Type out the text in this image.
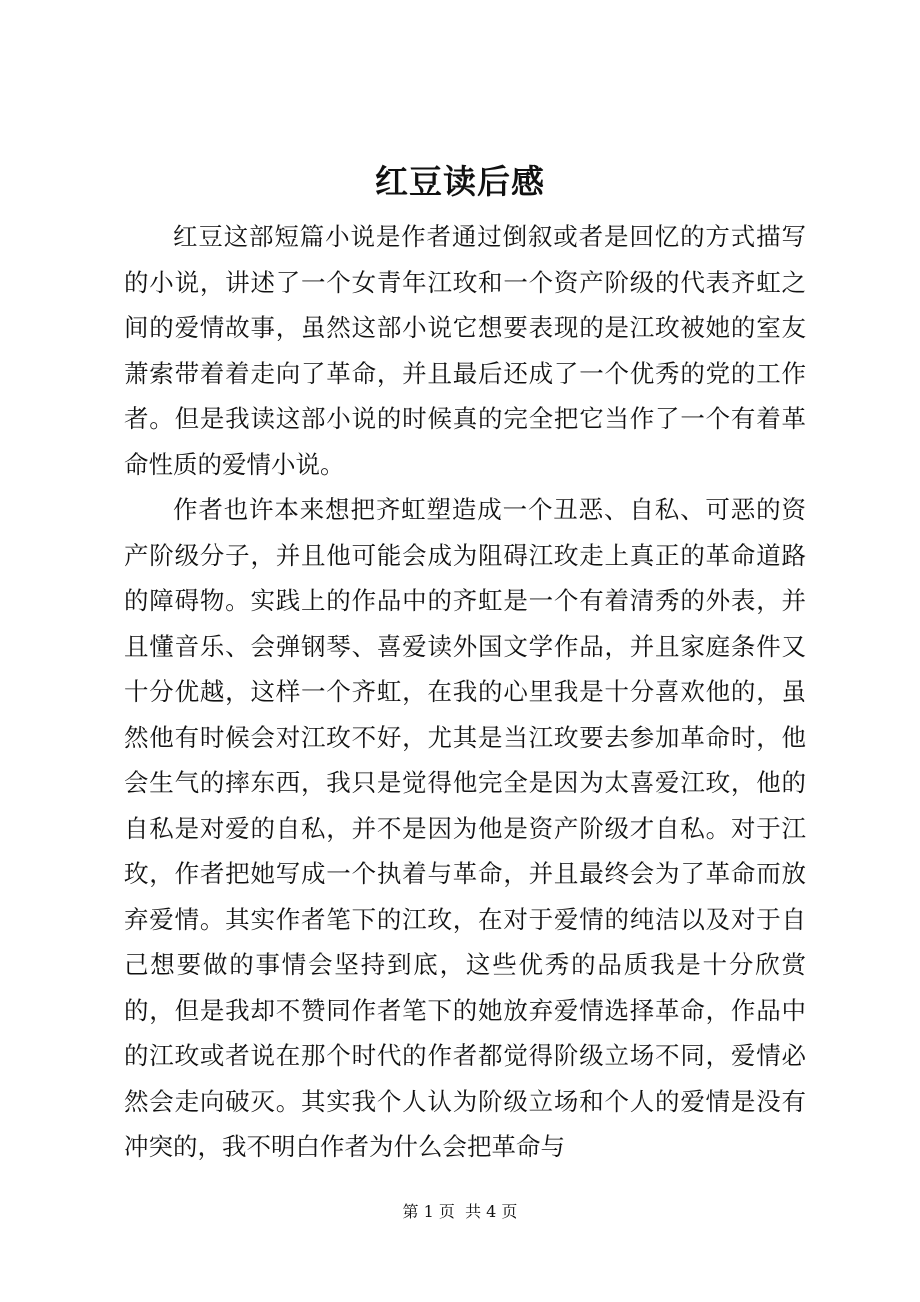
红豆读后感

红豆这部短篇小说是作者通过倒叙或者是回忆的方式描写的小说，讲述了一个女青年江玫和一个资产阶级的代表齐虹之间的爱情故事，虽然这部小说它想要表现的是江玫被她的室友萧索带着着走向了革命，并且最后还成了一个优秀的党的工作者。但是我读这部小说的时候真的完全把它当作了一个有着革命性质的爱情小说。

作者也许本来想把齐虹塑造成一个丑恶、自私、可恶的资产阶级分子，并且他可能会成为阻碍江玫走上真正的革命道路的障碍物。实践上的作品中的齐虹是一个有着清秀的外表，并且懂音乐、会弹钢琴、喜爱读外国文学作品，并且家庭条件又十分优越，这样一个齐虹，在我的心里我是十分喜欢他的，虽然他有时候会对江玫不好，尤其是当江玫要去参加革命时，他会生气的摔东西，我只是觉得他完全是因为太喜爱江玫，他的自私是对爱的自私，并不是因为他是资产阶级才自私。对于江玫，作者把她写成一个执着与革命，并且最终会为了革命而放弃爱情。其实作者笔下的江玫，在对于爱情的纯洁以及对于自己想要做的事情会坚持到底，这些优秀的品质我是十分欣赏的，但是我却不赞同作者笔下的她放弃爱情选择革命，作品中的江玫或者说在那个时代的作者都觉得阶级立场不同，爱情必然会走向破灭。其实我个人认为阶级立场和个人的爱情是没有冲突的，我不明白作者为什么会把革命与

第 1 页 共 4 页
